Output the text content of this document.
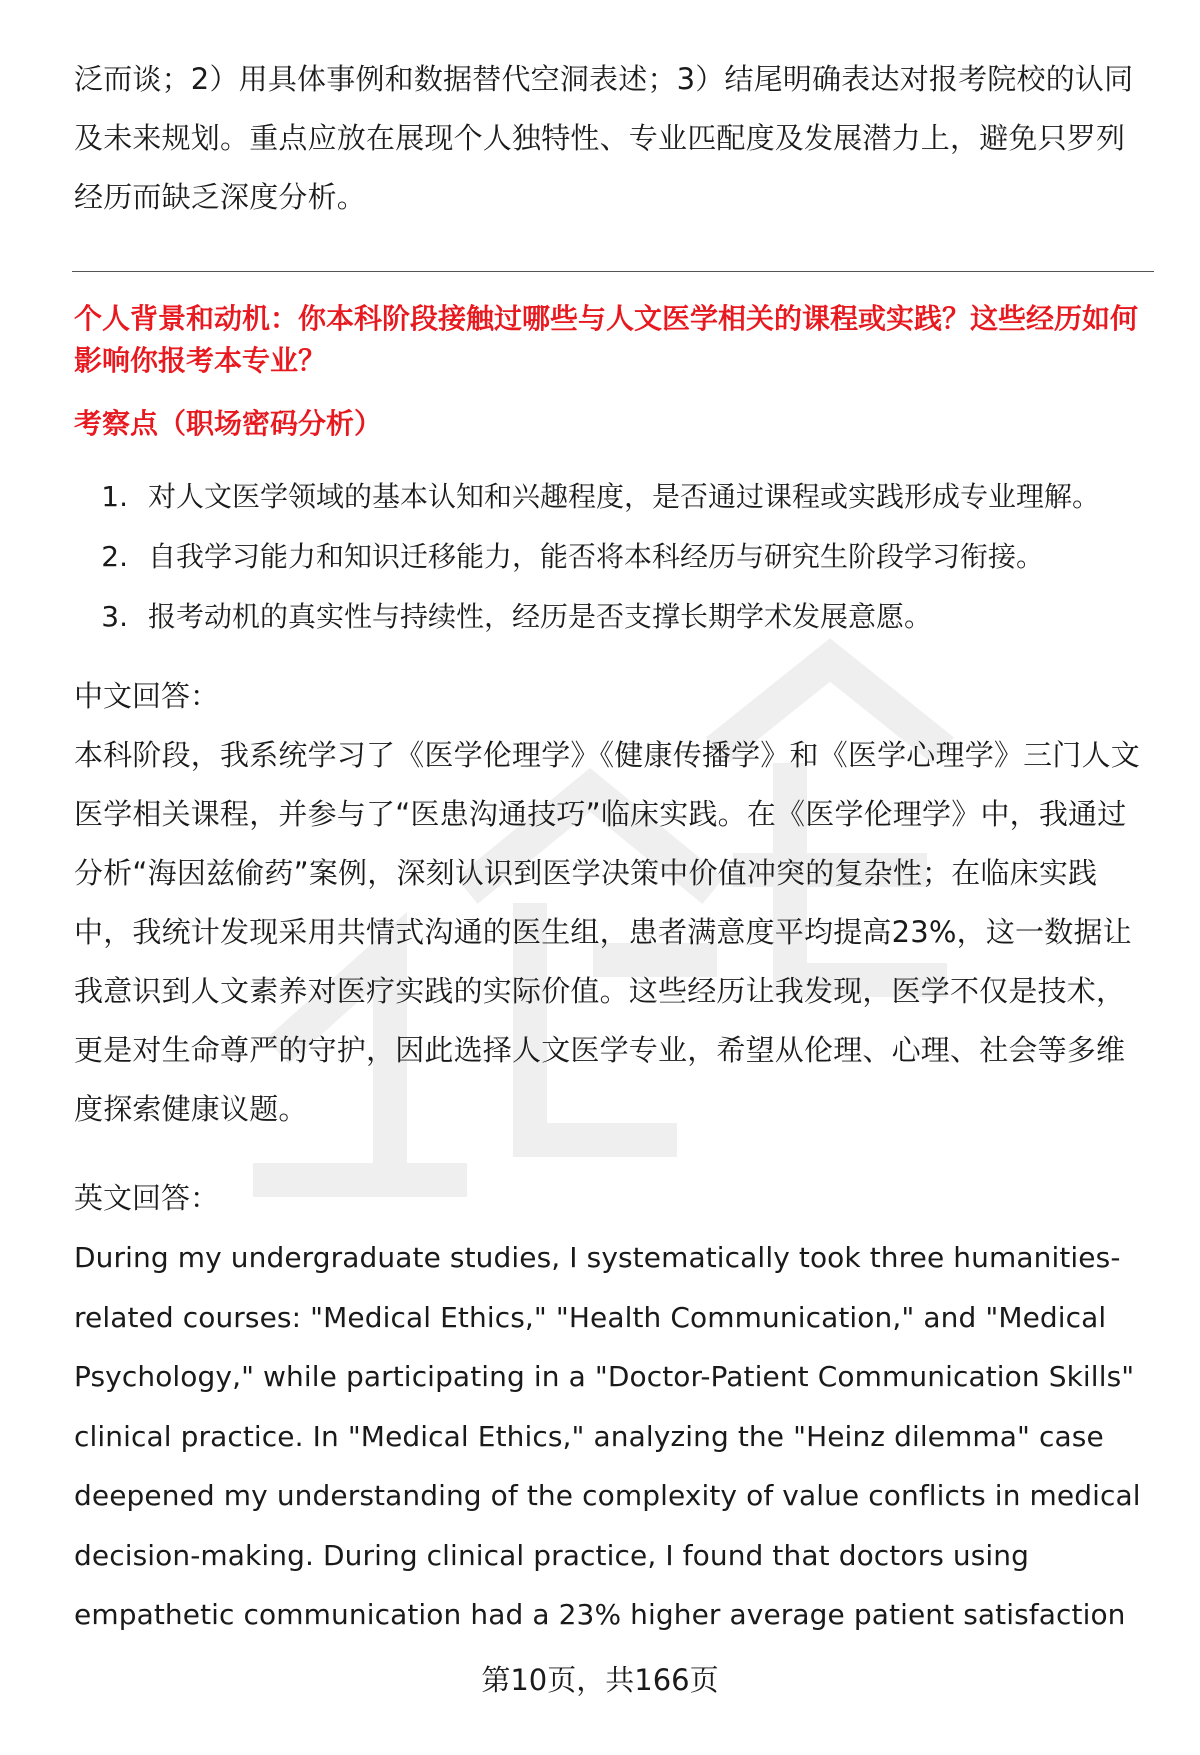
泛而谈；2）用具体事例和数据替代空洞表述；3）结尾明确表达对报考院校的认同及未来规划。重点应放在展现个人独特性、专业匹配度及发展潜力上，避免只罗列经历而缺乏深度分析。

个人背景和动机：你本科阶段接触过哪些与人文医学相关的课程或实践？这些经历如何影响你报考本专业？

考察点（职场密码分析）

1. 对人文医学领域的基本认知和兴趣程度，是否通过课程或实践形成专业理解。
2. 自我学习能力和知识迁移能力，能否将本科经历与研究生阶段学习衔接。
3. 报考动机的真实性与持续性，经历是否支撑长期学术发展意愿。

中文回答：

本科阶段，我系统学习了《医学伦理学》《健康传播学》和《医学心理学》三门人文医学相关课程，并参与了“医患沟通技巧”临床实践。在《医学伦理学》中，我通过分析“海因兹偷药”案例，深刻认识到医学决策中价值冲突的复杂性；在临床实践中，我统计发现采用共情式沟通的医生组，患者满意度平均提高23%，这一数据让我意识到人文素养对医疗实践的实际价值。这些经历让我发现，医学不仅是技术，更是对生命尊严的守护，因此选择人文医学专业，希望从伦理、心理、社会等多维度探索健康议题。

英文回答：

During my undergraduate studies, I systematically took three humanities-related courses: "Medical Ethics," "Health Communication," and "Medical Psychology," while participating in a "Doctor-Patient Communication Skills" clinical practice. In "Medical Ethics," analyzing the "Heinz dilemma" case deepened my understanding of the complexity of value conflicts in medical decision-making. During clinical practice, I found that doctors using empathetic communication had a 23% higher average patient satisfaction

第10页，共166页
